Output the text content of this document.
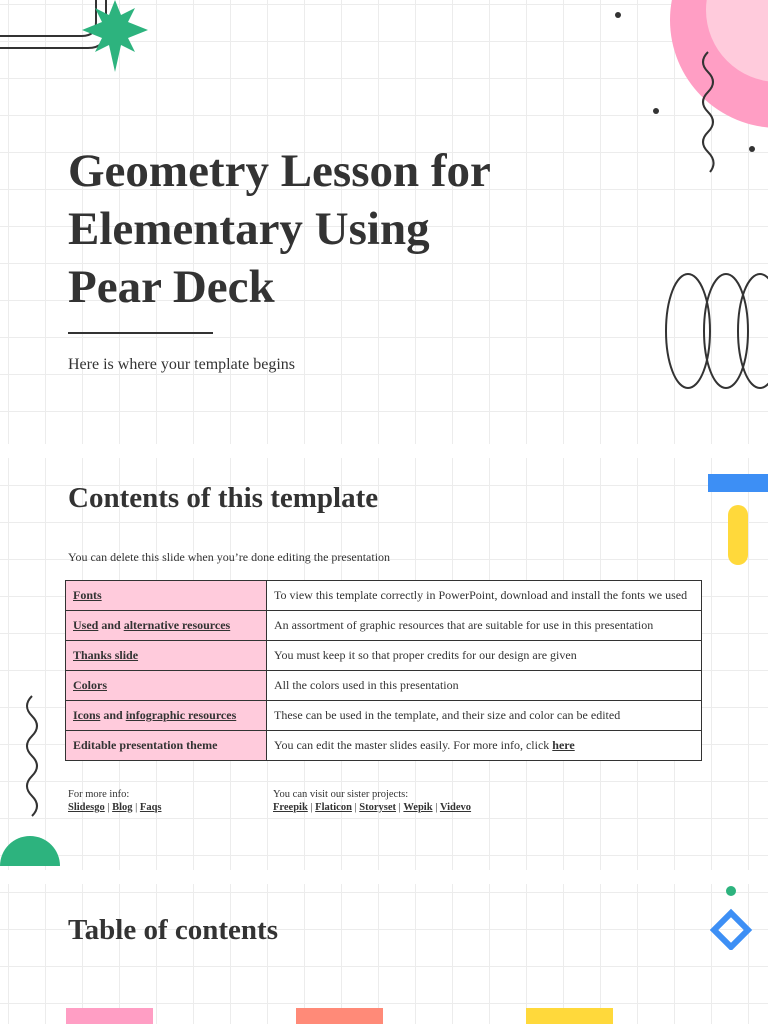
Geometry Lesson for Elementary Using Pear Deck
Here is where your template begins
Contents of this template
You can delete this slide when you’re done editing the presentation
Fonts	To view this template correctly in PowerPoint, download and install the fonts we used
Used and alternative resources	An assortment of graphic resources that are suitable for use in this presentation
Thanks slide	You must keep it so that proper credits for our design are given
Colors	All the colors used in this presentation
Icons and infographic resources	These can be used in the template, and their size and color can be edited
Editable presentation theme	You can edit the master slides easily. For more info, click here
For more info:
Slidesgo | Blog | Faqs
You can visit our sister projects:
Freepik | Flaticon | Storyset | Wepik | Videvo
Table of contents
